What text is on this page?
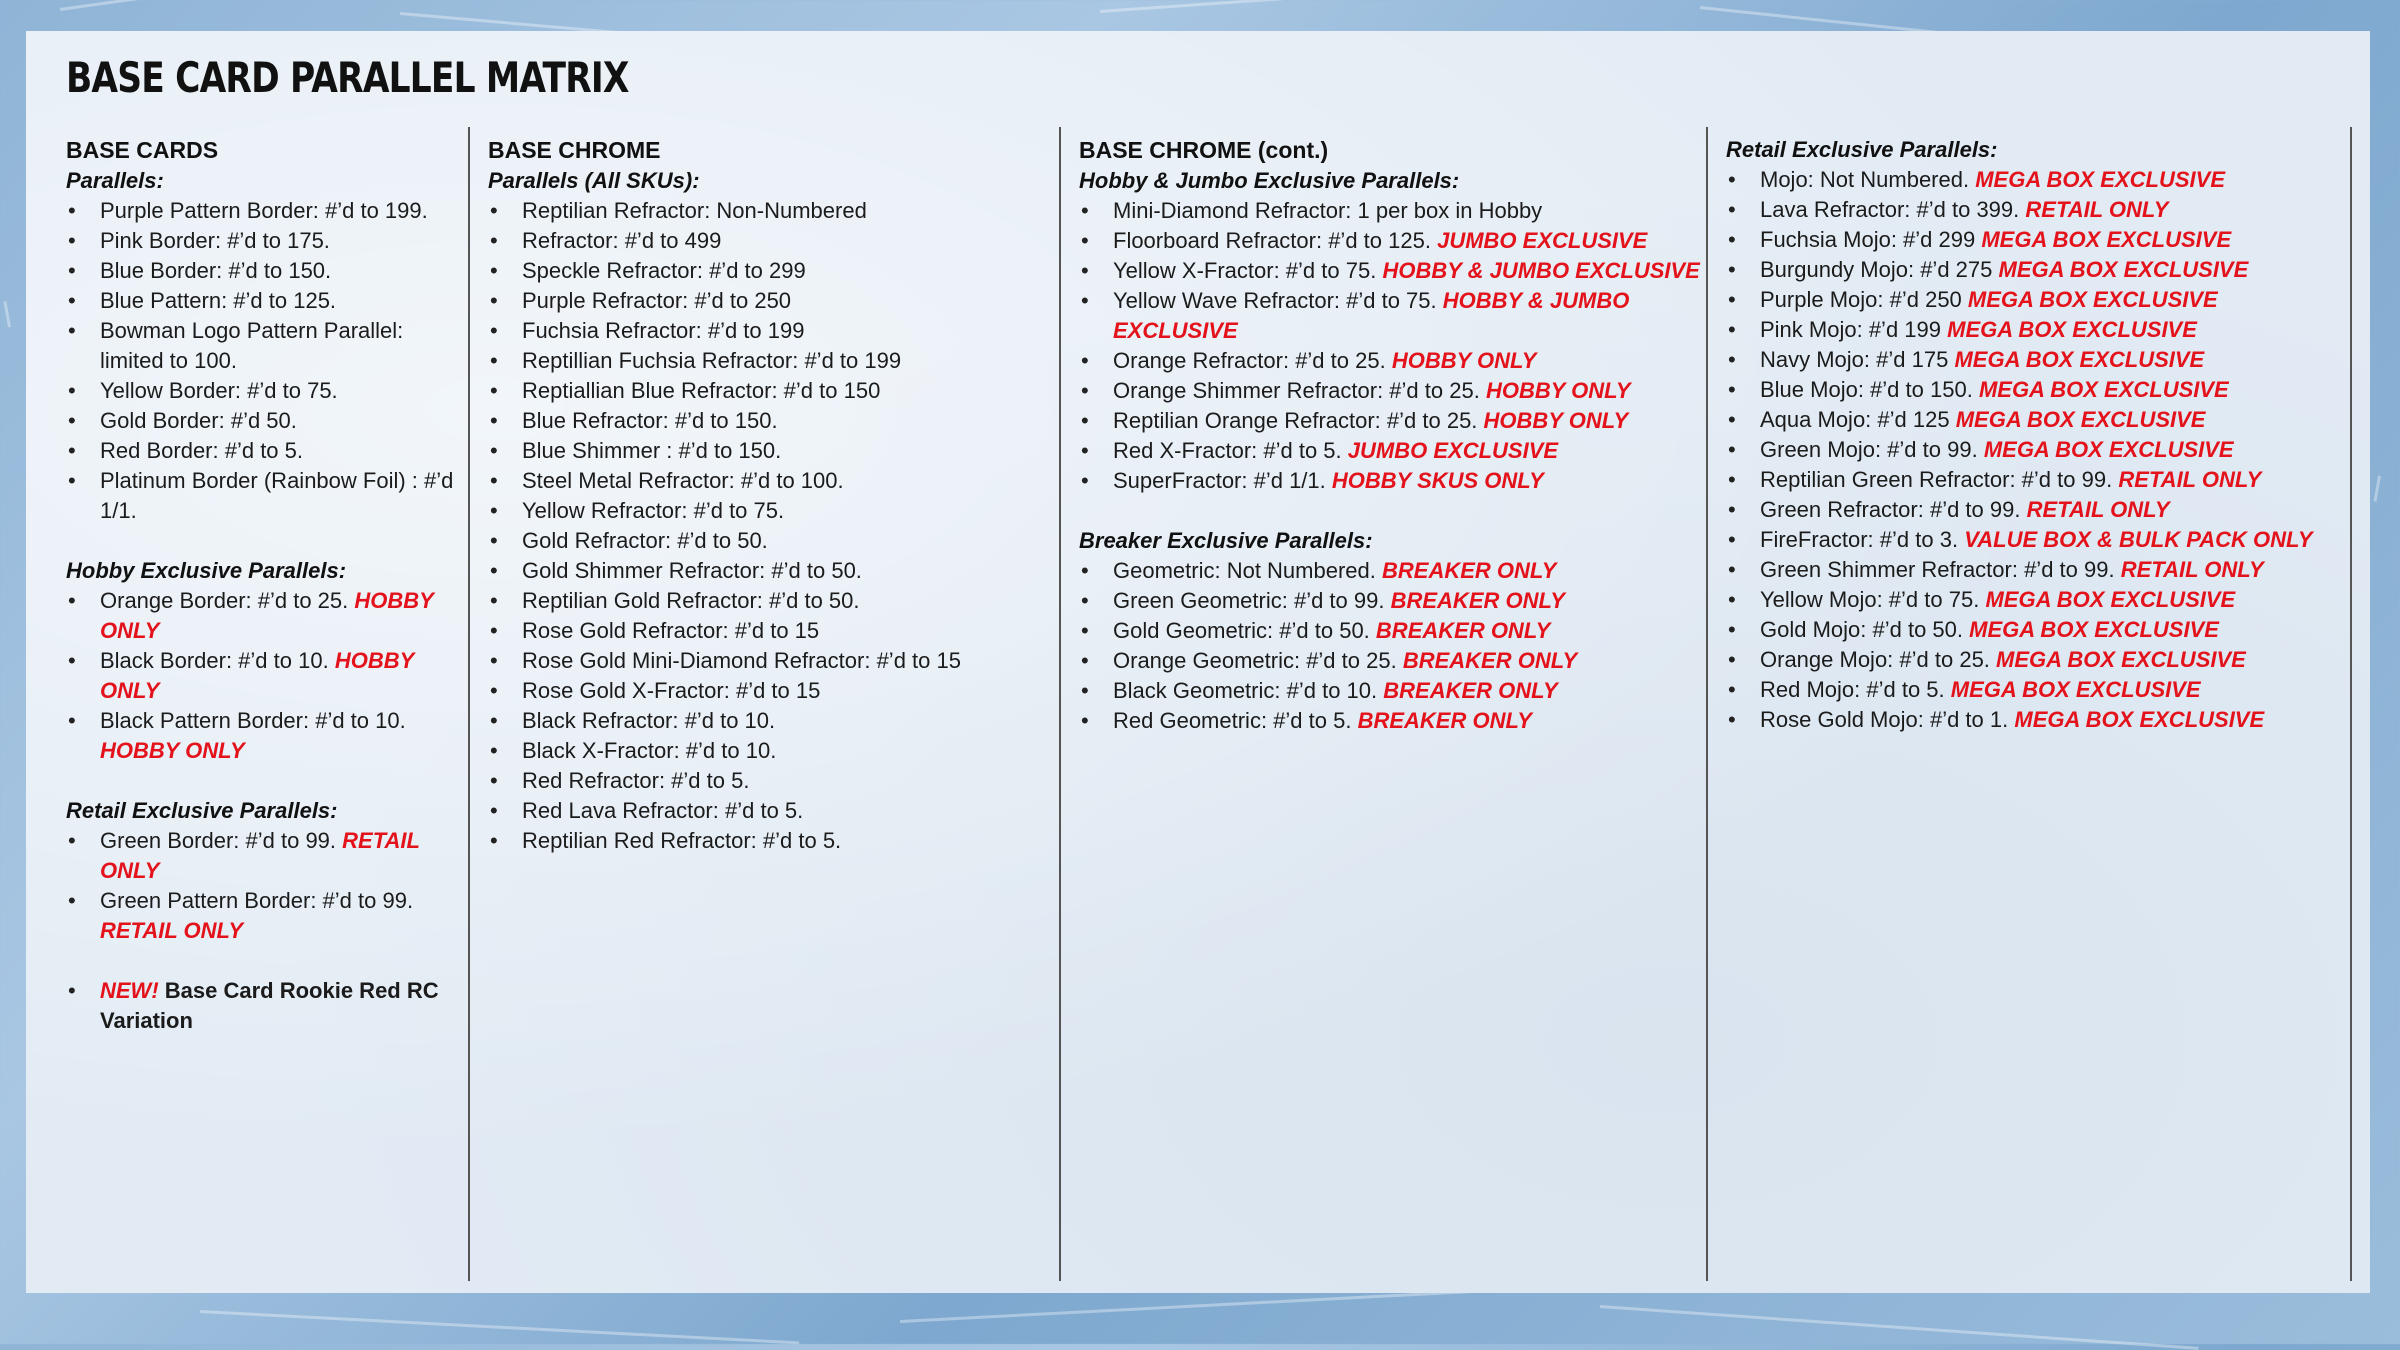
BASE CARD PARALLEL MATRIX
BASE CARDS
Parallels:
• Purple Pattern Border: #’d to 199.
• Pink Border: #’d to 175.
• Blue Border: #’d to 150.
• Blue Pattern: #’d to 125.
• Bowman Logo Pattern Parallel: limited to 100.
• Yellow Border: #’d to 75.
• Gold Border: #’d 50.
• Red Border: #’d to 5.
• Platinum Border (Rainbow Foil) : #’d 1/1.
Hobby Exclusive Parallels:
• Orange Border: #’d to 25. HOBBY ONLY
• Black Border: #’d to 10. HOBBY ONLY
• Black Pattern Border: #’d to 10. HOBBY ONLY
Retail Exclusive Parallels:
• Green Border: #’d to 99. RETAIL ONLY
• Green Pattern Border: #’d to 99. RETAIL ONLY
• NEW! Base Card Rookie Red RC Variation
BASE CHROME
Parallels (All SKUs):
• Reptilian Refractor: Non-Numbered
• Refractor: #’d to 499
• Speckle Refractor: #’d to 299
• Purple Refractor: #’d to 250
• Fuchsia Refractor: #’d to 199
• Reptillian Fuchsia Refractor: #’d to 199
• Reptiallian Blue Refractor: #’d to 150
• Blue Refractor: #’d to 150.
• Blue Shimmer : #’d to 150.
• Steel Metal Refractor: #’d to 100.
• Yellow Refractor: #’d to 75.
• Gold Refractor: #’d to 50.
• Gold Shimmer Refractor: #’d to 50.
• Reptilian Gold Refractor: #’d to 50.
• Rose Gold Refractor: #’d to 15
• Rose Gold Mini-Diamond Refractor: #’d to 15
• Rose Gold X-Fractor: #’d to 15
• Black Refractor: #’d to 10.
• Black X-Fractor: #’d to 10.
• Red Refractor: #’d to 5.
• Red Lava Refractor: #’d to 5.
• Reptilian Red Refractor: #’d to 5.
BASE CHROME (cont.)
Hobby & Jumbo Exclusive Parallels:
• Mini-Diamond Refractor: 1 per box in Hobby
• Floorboard Refractor: #’d to 125. JUMBO EXCLUSIVE
• Yellow X-Fractor: #’d to 75. HOBBY & JUMBO EXCLUSIVE
• Yellow Wave Refractor: #’d to 75. HOBBY & JUMBO EXCLUSIVE
• Orange Refractor: #’d to 25. HOBBY ONLY
• Orange Shimmer Refractor: #’d to 25. HOBBY ONLY
• Reptilian Orange Refractor: #’d to 25. HOBBY ONLY
• Red X-Fractor: #’d to 5. JUMBO EXCLUSIVE
• SuperFractor: #’d 1/1. HOBBY SKUS ONLY
Breaker Exclusive Parallels:
• Geometric: Not Numbered. BREAKER ONLY
• Green Geometric: #’d to 99. BREAKER ONLY
• Gold Geometric: #’d to 50. BREAKER ONLY
• Orange Geometric: #’d to 25. BREAKER ONLY
• Black Geometric: #’d to 10. BREAKER ONLY
• Red Geometric: #’d to 5. BREAKER ONLY
Retail Exclusive Parallels:
• Mojo: Not Numbered. MEGA BOX EXCLUSIVE
• Lava Refractor: #’d to 399. RETAIL ONLY
• Fuchsia Mojo: #’d 299 MEGA BOX EXCLUSIVE
• Burgundy Mojo: #’d 275 MEGA BOX EXCLUSIVE
• Purple Mojo: #’d 250 MEGA BOX EXCLUSIVE
• Pink Mojo: #’d 199 MEGA BOX EXCLUSIVE
• Navy Mojo: #’d 175 MEGA BOX EXCLUSIVE
• Blue Mojo: #’d to 150. MEGA BOX EXCLUSIVE
• Aqua Mojo: #’d 125 MEGA BOX EXCLUSIVE
• Green Mojo: #’d to 99. MEGA BOX EXCLUSIVE
• Reptilian Green Refractor: #’d to 99. RETAIL ONLY
• Green Refractor: #’d to 99. RETAIL ONLY
• FireFractor: #’d to 3. VALUE BOX & BULK PACK ONLY
• Green Shimmer Refractor: #’d to 99. RETAIL ONLY
• Yellow Mojo: #’d to 75. MEGA BOX EXCLUSIVE
• Gold Mojo: #’d to 50. MEGA BOX EXCLUSIVE
• Orange Mojo: #’d to 25. MEGA BOX EXCLUSIVE
• Red Mojo: #’d to 5. MEGA BOX EXCLUSIVE
• Rose Gold Mojo: #’d to 1. MEGA BOX EXCLUSIVE
